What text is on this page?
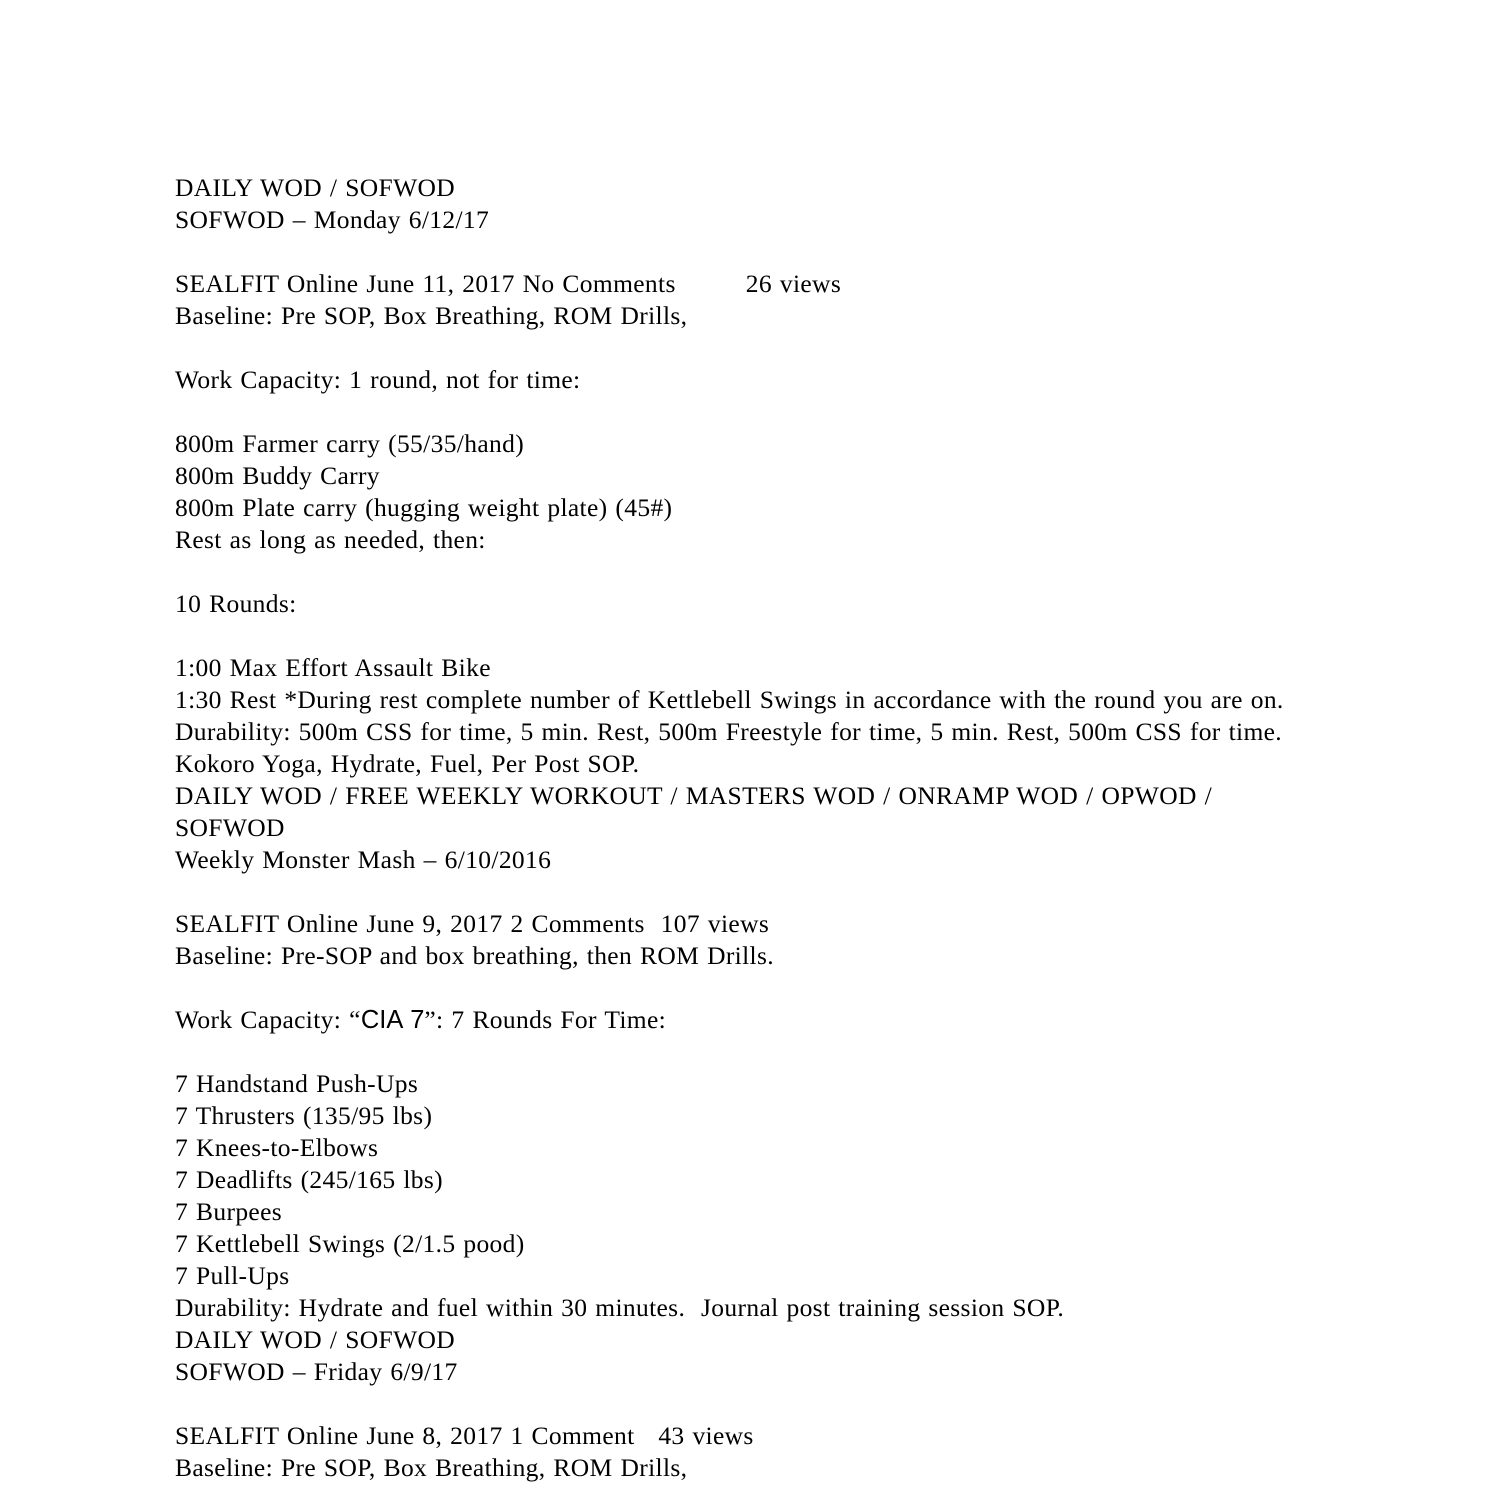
DAILY WOD / SOFWOD
SOFWOD – Monday 6/12/17
SEALFIT Online June 11, 2017 No Comments	26 views
Baseline: Pre SOP, Box Breathing, ROM Drills,
Work Capacity: 1 round, not for time:
800m Farmer carry (55/35/hand)
800m Buddy Carry
800m Plate carry (hugging weight plate) (45#)
Rest as long as needed, then:
10 Rounds:
1:00 Max Effort Assault Bike
1:30 Rest *During rest complete number of Kettlebell Swings in accordance with the round you are on.
Durability: 500m CSS for time, 5 min. Rest, 500m Freestyle for time, 5 min. Rest, 500m CSS for time. Kokoro Yoga, Hydrate, Fuel, Per Post SOP.
DAILY WOD / FREE WEEKLY WORKOUT / MASTERS WOD / ONRAMP WOD / OPWOD / SOFWOD
Weekly Monster Mash – 6/10/2016
SEALFIT Online June 9, 2017 2 Comments  107 views
Baseline: Pre-SOP and box breathing, then ROM Drills.
Work Capacity: “CIA 7”: 7 Rounds For Time:
7 Handstand Push-Ups
7 Thrusters (135/95 lbs)
7 Knees-to-Elbows
7 Deadlifts (245/165 lbs)
7 Burpees
7 Kettlebell Swings (2/1.5 pood)
7 Pull-Ups
Durability: Hydrate and fuel within 30 minutes.  Journal post training session SOP.
DAILY WOD / SOFWOD
SOFWOD – Friday 6/9/17
SEALFIT Online June 8, 2017 1 Comment   43 views
Baseline: Pre SOP, Box Breathing, ROM Drills,
